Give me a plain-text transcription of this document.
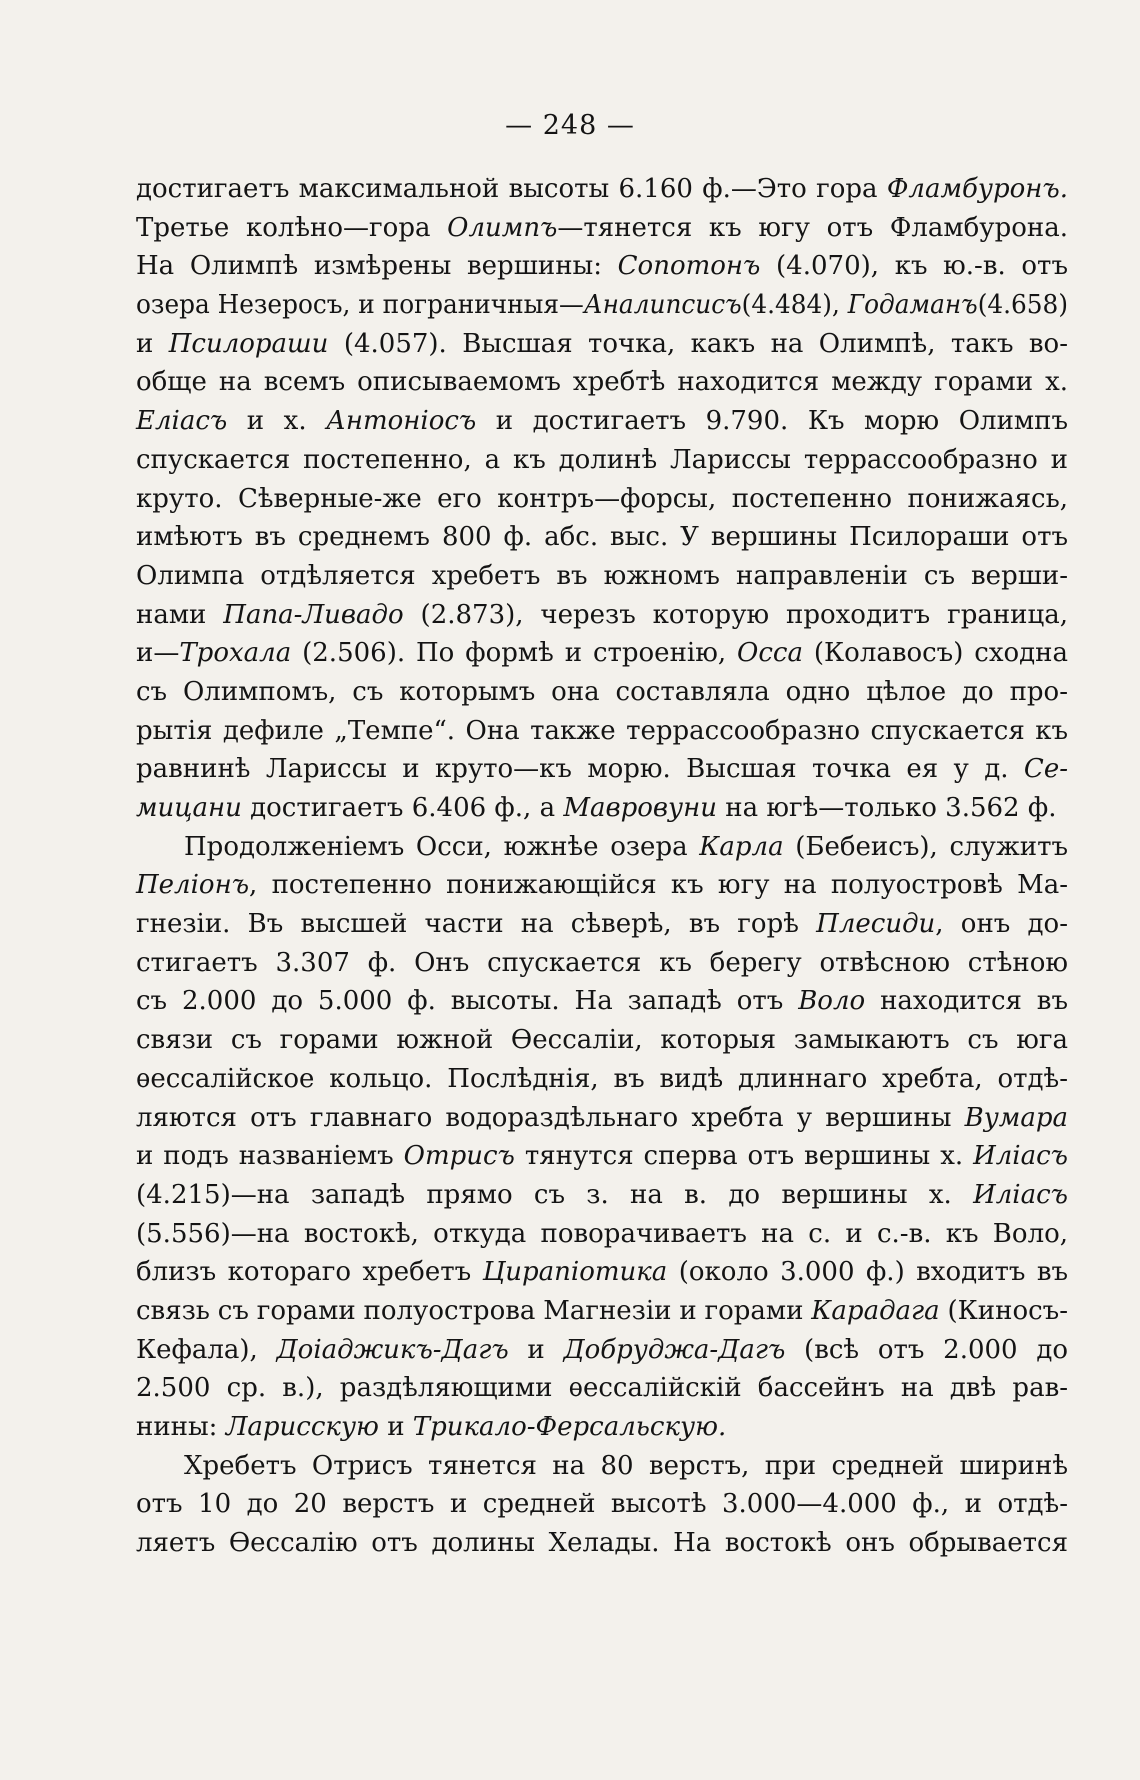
— 248 —
достигаетъ максимальной высоты 6.160 ф.—Это гора Фламбуронъ.
Третье колѣно—гора Олимпъ—тянется къ югу отъ Фламбурона.
На Олимпѣ измѣрены вершины: Сопотонъ (4.070), къ ю.-в. отъ
озера Незеросъ, и пограничныя—Аналипсисъ(4.484), Годаманъ(4.658)
и Псилораши (4.057). Высшая точка, какъ на Олимпѣ, такъ во-
обще на всемъ описываемомъ хребтѣ находится между горами х.
Еліасъ и х. Антоніосъ и достигаетъ 9.790. Къ морю Олимпъ
спускается постепенно, а къ долинѣ Лариссы террассообразно и
круто. Сѣверные-же его контръ—форсы, постепенно понижаясь,
имѣютъ въ среднемъ 800 ф. абс. выс. У вершины Псилораши отъ
Олимпа отдѣляется хребетъ въ южномъ направленіи съ верши-
нами Папа-Ливадо (2.873), черезъ которую проходитъ граница,
и—Трохала (2.506). По формѣ и строенію, Осса (Колавосъ) сходна
съ Олимпомъ, съ которымъ она составляла одно цѣлое до про-
рытія дефиле „Темпе“. Она также террассообразно спускается къ
равнинѣ Лариссы и круто—къ морю. Высшая точка ея у д. Се-
мицани достигаетъ 6.406 ф., а Мавровуни на югѣ—только 3.562 ф.
Продолженіемъ Осси, южнѣе озера Карла (Бебеисъ), служитъ
Пеліонъ, постепенно понижающійся къ югу на полуостровѣ Ма-
гнезіи. Въ высшей части на сѣверѣ, въ горѣ Плесиди, онъ до-
стигаетъ 3.307 ф. Онъ спускается къ берегу отвѣсною стѣною
съ 2.000 до 5.000 ф. высоты. На западѣ отъ Воло находится въ
связи съ горами южной Ѳессаліи, которыя замыкаютъ съ юга
ѳессалійское кольцо. Послѣднія, въ видѣ длиннаго хребта, отдѣ-
ляются отъ главнаго водораздѣльнаго хребта у вершины Вумара
и подъ названіемъ Отрисъ тянутся сперва отъ вершины х. Иліасъ
(4.215)—на западѣ прямо съ з. на в. до вершины х. Иліасъ
(5.556)—на востокѣ, откуда поворачиваетъ на с. и с.-в. къ Воло,
близъ котораго хребетъ Цирапіотика (около 3.000 ф.) входитъ въ
связь съ горами полуострова Магнезіи и горами Карадага (Киносъ-
Кефала), Доiаджикъ-Дагъ и Добруджа-Дагъ (всѣ отъ 2.000 до
2.500 ср. в.), раздѣляющими ѳессалійскій бассейнъ на двѣ рав-
нины: Ларисскую и Трикало-Ферсальскую.
Хребетъ Отрисъ тянется на 80 верстъ, при средней ширинѣ
отъ 10 до 20 верстъ и средней высотѣ 3.000—4.000 ф., и отдѣ-
ляетъ Ѳессалію отъ долины Хелады. На востокѣ онъ обрывается
